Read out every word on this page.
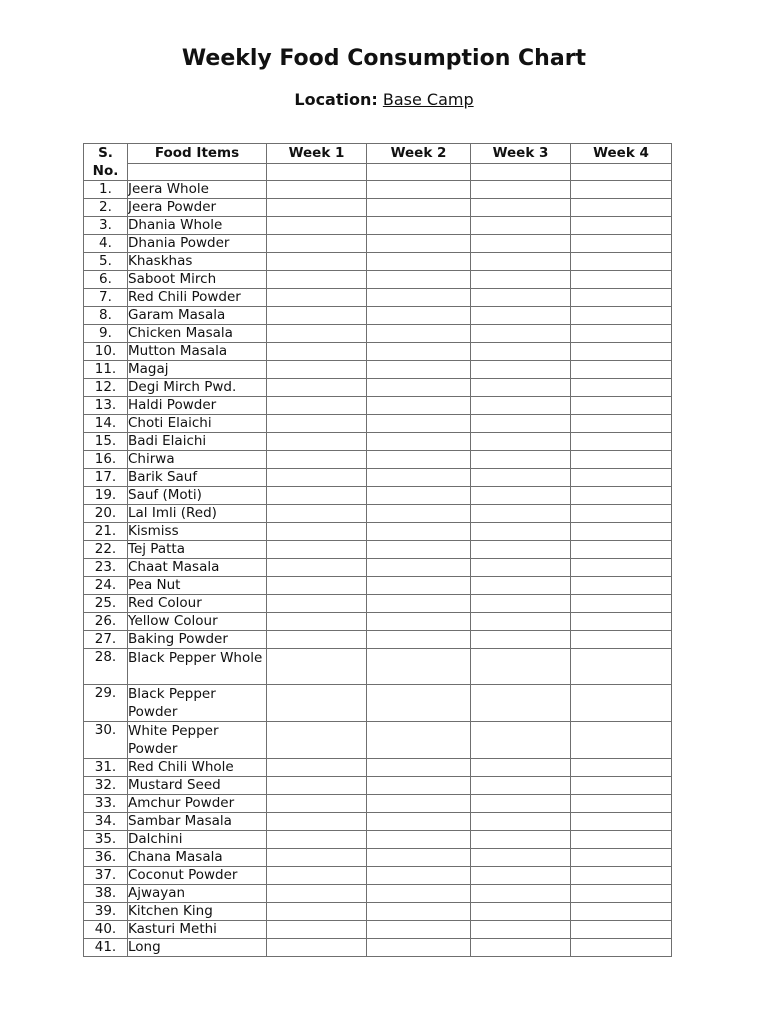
Weekly Food Consumption Chart
Location: Base Camp
S. No.	Food Items	Week 1	Week 2	Week 3	Week 4

1.	Jeera Whole				
2.	Jeera Powder				
3.	Dhania Whole				
4.	Dhania Powder				
5.	Khaskhas				
6.	Saboot Mirch				
7.	Red Chili Powder				
8.	Garam Masala				
9.	Chicken Masala				
10.	Mutton Masala				
11.	Magaj				
12.	Degi Mirch Pwd.				
13.	Haldi Powder				
14.	Choti Elaichi				
15.	Badi Elaichi				
16.	Chirwa				
17.	Barik Sauf				
19.	Sauf (Moti)				
20.	Lal Imli (Red)				
21.	Kismiss				
22.	Tej Patta				
23.	Chaat Masala				
24.	Pea Nut				
25.	Red Colour				
26.	Yellow Colour				
27.	Baking Powder				
28.	Black Pepper Whole				
29.	Black Pepper Powder				
30.	White Pepper Powder				
31.	Red Chili Whole				
32.	Mustard Seed				
33.	Amchur Powder				
34.	Sambar Masala				
35.	Dalchini				
36.	Chana Masala				
37.	Coconut Powder				
38.	Ajwayan				
39.	Kitchen King				
40.	Kasturi Methi				
41.	Long				
